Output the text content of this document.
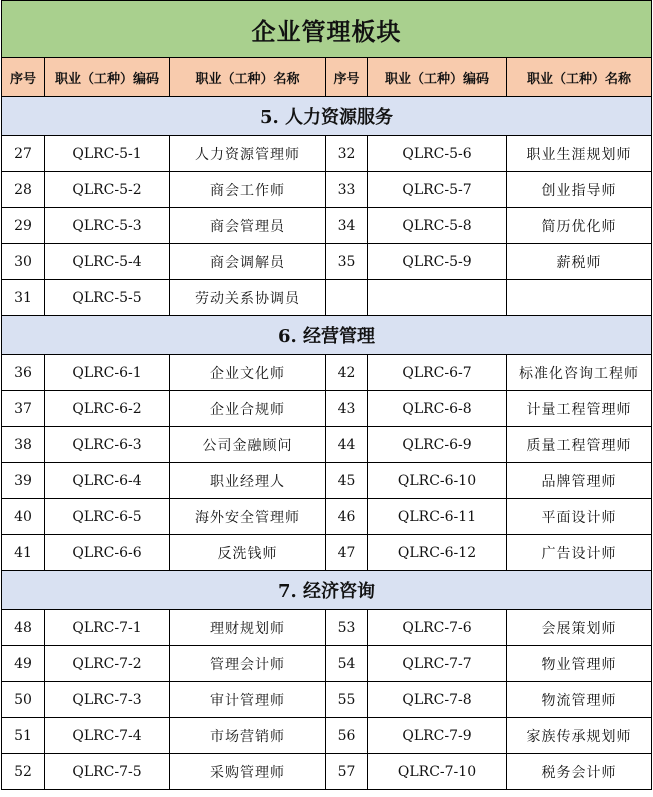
企业管理板块					
序号	职业（工种）编码	职业（工种）名称	序号	职业（工种）编码	职业（工种）名称
5. 人力资源服务					
27	QLRC-5-1	人力资源管理师	32	QLRC-5-6	职业生涯规划师
28	QLRC-5-2	商会工作师	33	QLRC-5-7	创业指导师
29	QLRC-5-3	商会管理员	34	QLRC-5-8	简历优化师
30	QLRC-5-4	商会调解员	35	QLRC-5-9	薪税师
31	QLRC-5-5	劳动关系协调员			
6. 经营管理					
36	QLRC-6-1	企业文化师	42	QLRC-6-7	标准化咨询工程师
37	QLRC-6-2	企业合规师	43	QLRC-6-8	计量工程管理师
38	QLRC-6-3	公司金融顾问	44	QLRC-6-9	质量工程管理师
39	QLRC-6-4	职业经理人	45	QLRC-6-10	品牌管理师
40	QLRC-6-5	海外安全管理师	46	QLRC-6-11	平面设计师
41	QLRC-6-6	反洗钱师	47	QLRC-6-12	广告设计师
7. 经济咨询					
48	QLRC-7-1	理财规划师	53	QLRC-7-6	会展策划师
49	QLRC-7-2	管理会计师	54	QLRC-7-7	物业管理师
50	QLRC-7-3	审计管理师	55	QLRC-7-8	物流管理师
51	QLRC-7-4	市场营销师	56	QLRC-7-9	家族传承规划师
52	QLRC-7-5	采购管理师	57	QLRC-7-10	税务会计师
